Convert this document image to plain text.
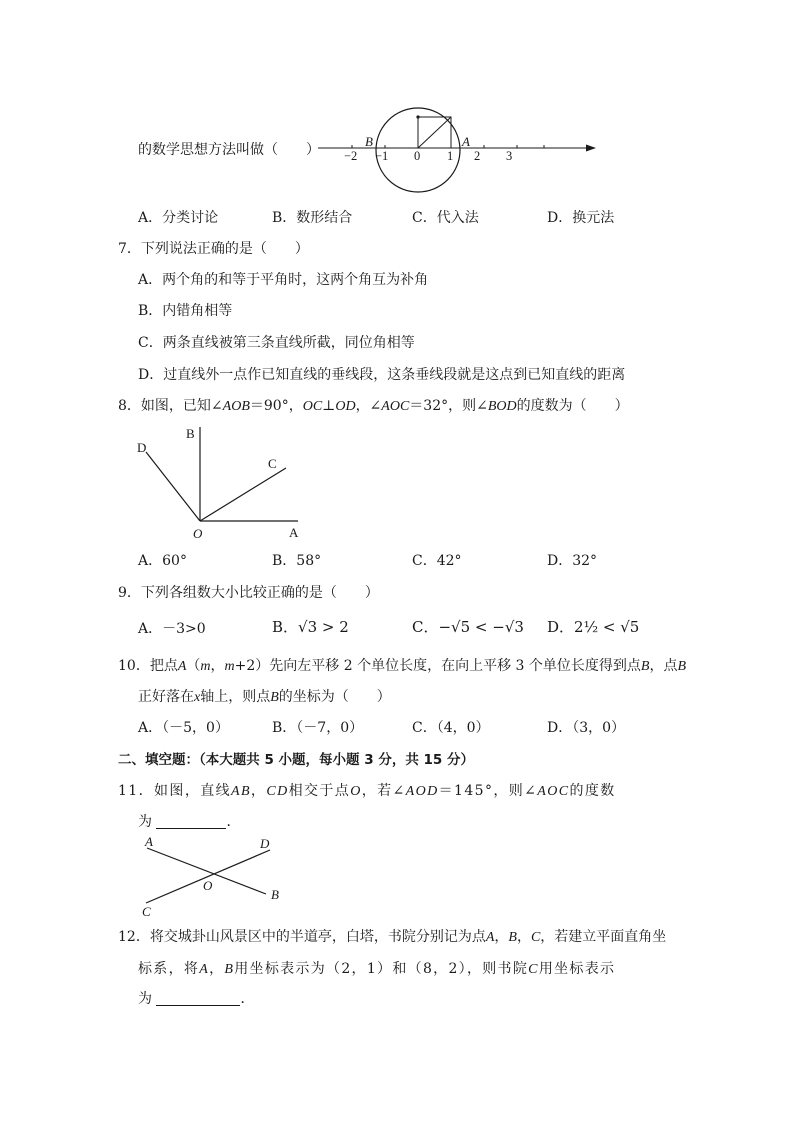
的数学思想方法叫做（　　）
B	A
−2 −1 0 1 2 3
A．分类讨论	B．数形结合	C．代入法	D．换元法
7．下列说法正确的是（　　）
A．两个角的和等于平角时，这两个角互为补角
B．内错角相等
C．两条直线被第三条直线所截，同位角相等
D．过直线外一点作已知直线的垂线段，这条垂线段就是这点到已知直线的距离
8．如图，已知∠AOB＝90°，OC⊥OD，∠AOC＝32°，则∠BOD的度数为（　　）
D
B
C
O	A
A．60°	B．58°	C．42°	D．32°
9．下列各组数大小比较正确的是（　　）
A．－3>0	B．√3 > 2	C．−√5 < −√3 D．2½ < √5
10．把点A（m，m+2）先向左平移 2 个单位长度，在向上平移 3 个单位长度得到点B，点B
正好落在x轴上，则点B的坐标为（　　）
A．（－5，0）	B．（－7，0）	C．（4，0）	D．（3，0）
二、填空题：（本大题共 5 小题，每小题 3 分，共 15 分）
11．如图，直线AB，CD相交于点O，若∠AOD＝145°，则∠AOC的度数
为	．
A	D
O
C
B
12．将交城卦山风景区中的半道亭，白塔，书院分别记为点A，B，C，若建立平面直角坐
标系，将A，B用坐标表示为（2，1）和（8，2），则书院C用坐标表示
为	．
